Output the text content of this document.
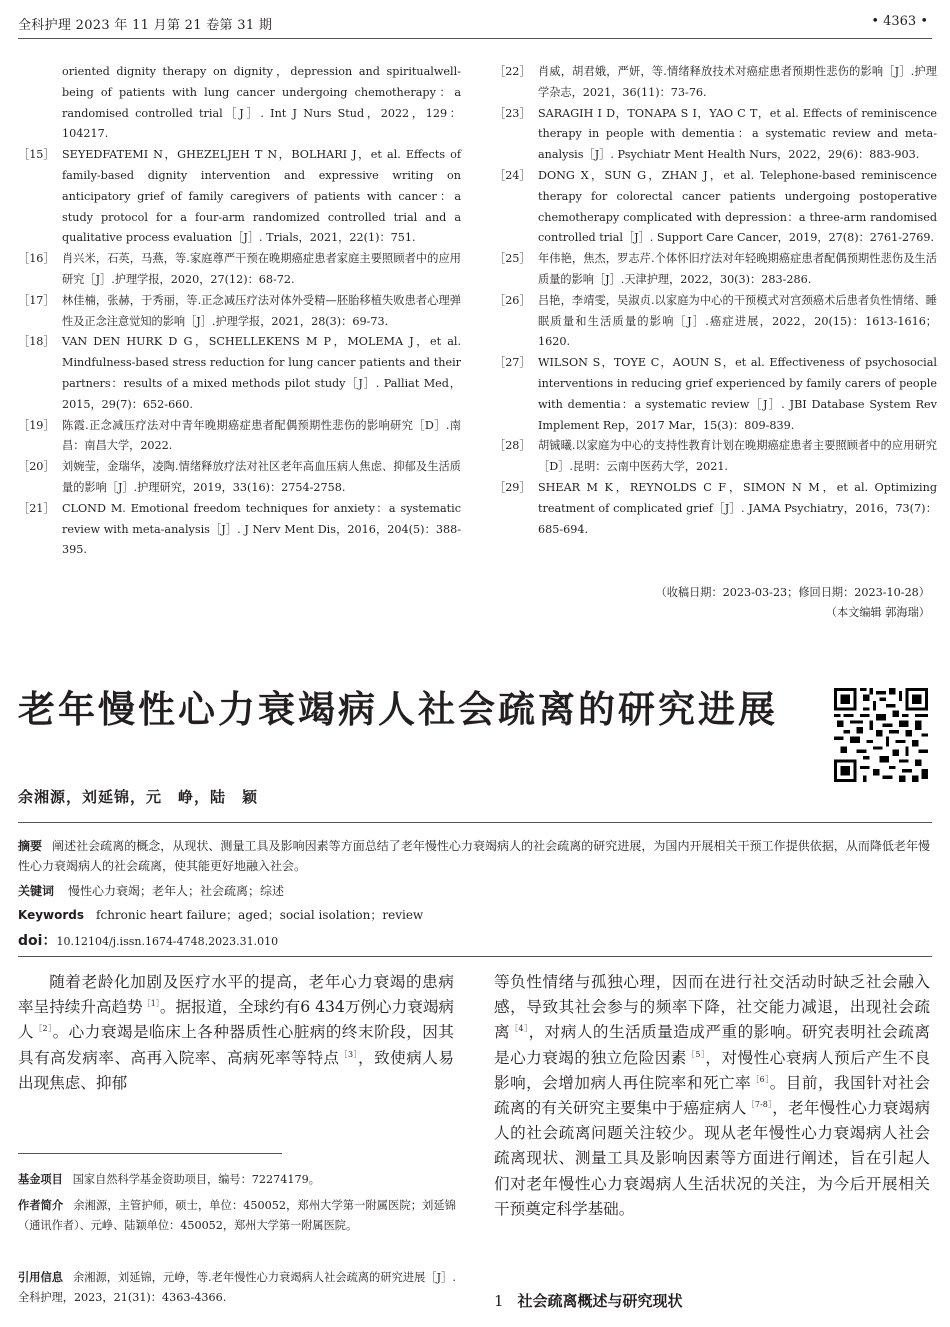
全科护理 2023 年 11 月第 21 卷第 31 期	• 4363 •
oriented dignity therapy on dignity，depression and spiritualwell-being of patients with lung cancer undergoing chemotherapy：a randomised controlled trial［J］. Int J Nurs Stud，2022，129：104217.
［15］ SEYEDFATEMI N，GHEZELJEH T N，BOLHARI J，et al. Effects of family-based dignity intervention and expressive writing on anticipatory grief of family caregivers of patients with cancer：a study protocol for a four-arm randomized controlled trial and a qualitative process evaluation［J］. Trials，2021，22(1)：751.
［16］ 肖兴米，石英，马燕，等.家庭尊严干预在晚期癌症患者家庭主要照顾者中的应用研究［J］.护理学报，2020，27(12)：68-72.
［17］ 林佳楠，张赫，于秀丽，等.正念减压疗法对体外受精—胚胎移植失败患者心理弹性及正念注意觉知的影响［J］.护理学报，2021，28(3)：69-73.
［18］ VAN DEN HURK D G，SCHELLEKENS M P，MOLEMA J，et al. Mindfulness-based stress reduction for lung cancer patients and their partners：results of a mixed methods pilot study［J］. Palliat Med，2015，29(7)：652-660.
［19］ 陈霞.正念减压疗法对中青年晚期癌症患者配偶预期性悲伤的影响研究［D］.南昌：南昌大学，2022.
［20］ 刘婉莹，金瑞华，凌陶.情绪释放疗法对社区老年高血压病人焦虑、抑郁及生活质量的影响［J］.护理研究，2019，33(16)：2754-2758.
［21］ CLOND M. Emotional freedom techniques for anxiety：a systematic review with meta-analysis［J］. J Nerv Ment Dis，2016，204(5)：388-395.
［22］ 肖威，胡君娥，严妍，等.情绪释放技术对癌症患者预期性悲伤的影响［J］.护理学杂志，2021，36(11)：73-76.
［23］ SARAGIH I D，TONAPA S I，YAO C T，et al. Effects of reminiscence therapy in people with dementia：a systematic review and meta-analysis［J］. Psychiatr Ment Health Nurs，2022，29(6)：883-903.
［24］ DONG X，SUN G，ZHAN J，et al. Telephone-based reminiscence therapy for colorectal cancer patients undergoing postoperative chemotherapy complicated with depression：a three-arm randomised controlled trial［J］. Support Care Cancer，2019，27(8)：2761-2769.
［25］ 年伟艳，焦杰，罗志芹.个体怀旧疗法对年轻晚期癌症患者配偶预期性悲伤及生活质量的影响［J］.天津护理，2022，30(3)：283-286.
［26］ 吕艳，李靖雯，吴淑贞.以家庭为中心的干预模式对宫颈癌术后患者负性情绪、睡眠质量和生活质量的影响［J］.癌症进展，2022，20(15)：1613-1616；1620.
［27］ WILSON S，TOYE C，AOUN S，et al. Effectiveness of psychosocial interventions in reducing grief experienced by family carers of people with dementia：a systematic review［J］. JBI Database System Rev Implement Rep，2017 Mar，15(3)：809-839.
［28］ 胡铖曦.以家庭为中心的支持性教育计划在晚期癌症患者主要照顾者中的应用研究［D］.昆明：云南中医药大学，2021.
［29］ SHEAR M K，REYNOLDS C F，SIMON N M，et al. Optimizing treatment of complicated grief［J］. JAMA Psychiatry，2016，73(7)：685-694.
（收稿日期：2023-03-23；修回日期：2023-10-28）
（本文编辑 郭海瑞）
老年慢性心力衰竭病人社会疏离的研究进展
余湘源，刘延锦，元　峥，陆　颖
摘要 阐述社会疏离的概念，从现状、测量工具及影响因素等方面总结了老年慢性心力衰竭病人的社会疏离的研究进展，为国内开展相关干预工作提供依据，从而降低老年慢性心力衰竭病人的社会疏离，使其能更好地融入社会。
关键词 慢性心力衰竭；老年人；社会疏离；综述
Keywords fchronic heart failure；aged；social isolation；review
doi：10.12104/j.issn.1674-4748.2023.31.010

随着老龄化加剧及医疗水平的提高，老年心力衰竭的患病率呈持续升高趋势$^{[1]}$。据报道，全球约有6 434万例心力衰竭病人$^{[2]}$。心力衰竭是临床上各种器质性心脏病的终末阶段，因其具有高发病率、高再入院率、高病死率等特点$^{[3]}$，致使病人易出现焦虑、抑郁

等负性情绪与孤独心理，因而在进行社交活动时缺乏社会融入感，导致其社会参与的频率下降，社交能力减退，出现社会疏离$^{[4]}$，对病人的生活质量造成严重的影响。研究表明社会疏离是心力衰竭的独立危险因素$^{[5]}$，对慢性心衰病人预后产生不良影响，会增加病人再住院率和死亡率$^{[6]}$。目前，我国针对社会疏离的有关研究主要集中于癌症病人$^{[7-8]}$，老年慢性心力衰竭病人的社会疏离问题关注较少。现从老年慢性心力衰竭病人社会疏离现状、测量工具及影响因素等方面进行阐述，旨在引起人们对老年慢性心力衰竭病人生活状况的关注，为今后开展相关干预奠定科学基础。

1 社会疏离概述与研究现状
基金项目 国家自然科学基金资助项目，编号：72274179。
作者简介 余湘源，主管护师，硕士，单位：450052，郑州大学第一附属医院；刘延锦（通讯作者）、元峥、陆颖单位：450052，郑州大学第一附属医院。
引用信息 余湘源，刘延锦，元峥，等.老年慢性心力衰竭病人社会疏离的研究进展［J］.全科护理，2023，21(31)：4363-4366.
